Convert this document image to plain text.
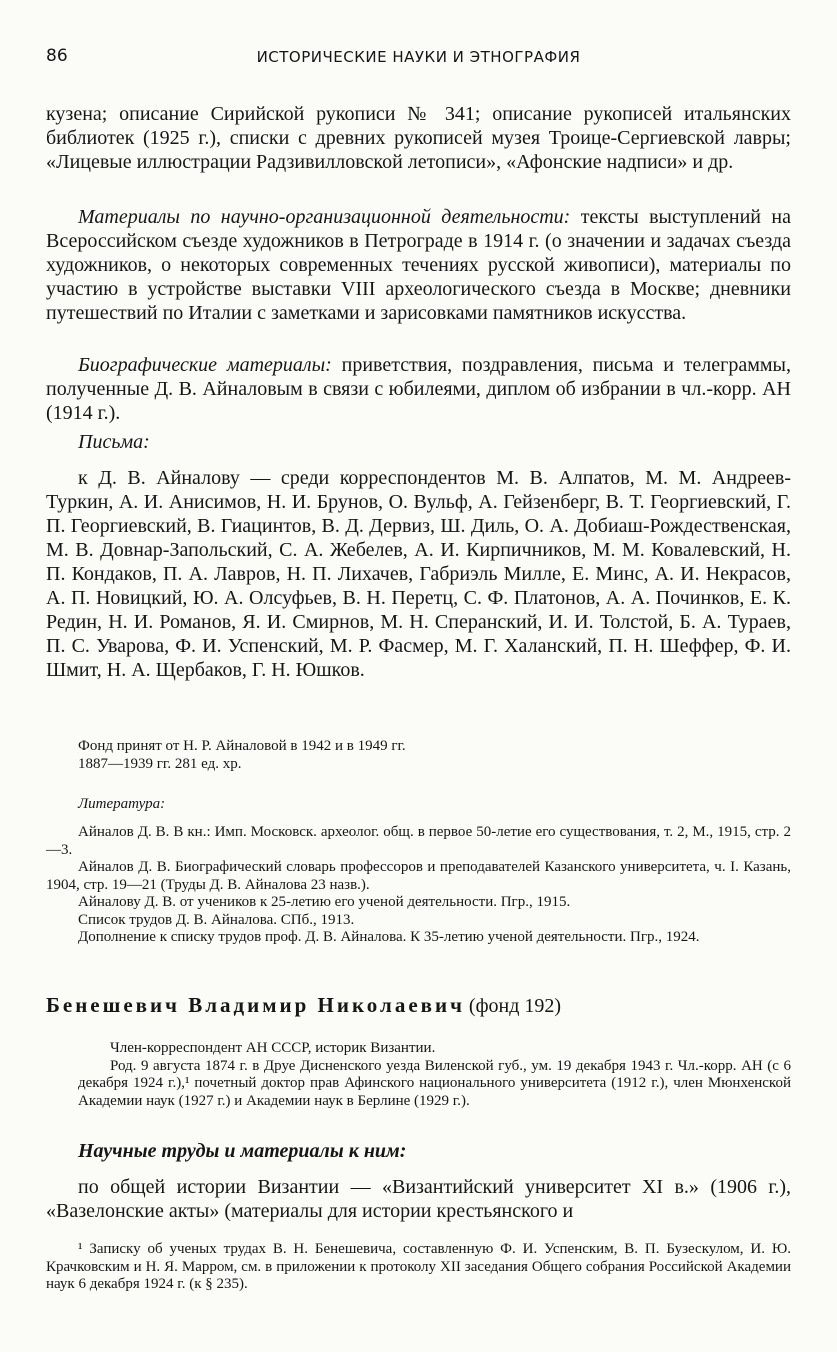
86	ИСТОРИЧЕСКИЕ НАУКИ И ЭТНОГРАФИЯ
кузена; описание Сирийской рукописи № 341; описание рукописей итальянских библиотек (1925 г.), списки с древних рукописей музея Троице-Сергиевской лавры; «Лицевые иллюстрации Радзивилловской летописи», «Афонские надписи» и др.
Материалы по научно-организационной деятельности: тексты выступлений на Всероссийском съезде художников в Петрограде в 1914 г. (о значении и задачах съезда художников, о некоторых современных течениях русской живописи), материалы по участию в устройстве выставки VIII археологического съезда в Москве; дневники путешествий по Италии с заметками и зарисовками памятников искусства.
Биографические материалы: приветствия, поздравления, письма и телеграммы, полученные Д. В. Айналовым в связи с юбилеями, диплом об избрании в чл.-корр. АН (1914 г.).
Письма:
к Д. В. Айналову — среди корреспондентов М. В. Алпатов, М. М. Андреев-Туркин, А. И. Анисимов, Н. И. Брунов, О. Вульф, А. Гейзенберг, В. Т. Георгиевский, Г. П. Георгиевский, В. Гиацинтов, В. Д. Дервиз, Ш. Диль, О. А. Добиаш-Рождественская, М. В. Довнар-Запольский, С. А. Жебелев, А. И. Кирпичников, М. М. Ковалевский, Н. П. Кондаков, П. А. Лавров, Н. П. Лихачев, Габриэль Милле, Е. Минс, А. И. Некрасов, А. П. Новицкий, Ю. А. Олсуфьев, В. Н. Перетц, С. Ф. Платонов, А. А. Починков, Е. К. Редин, Н. И. Романов, Я. И. Смирнов, М. Н. Сперанский, И. И. Толстой, Б. А. Тураев, П. С. Уварова, Ф. И. Успенский, М. Р. Фасмер, М. Г. Халанский, П. Н. Шеффер, Ф. И. Шмит, Н. А. Щербаков, Г. Н. Юшков.
Фонд принят от Н. Р. Айналовой в 1942 и в 1949 гг.
1887—1939 гг. 281 ед. хр.
Литература:
Айналов Д. В. В кн.: Имп. Московск. археолог. общ. в первое 50-летие его существования, т. 2, М., 1915, стр. 2—3.
Айналов Д. В. Биографический словарь профессоров и преподавателей Казанского университета, ч. I. Казань, 1904, стр. 19—21 (Труды Д. В. Айналова 23 назв.).
Айналову Д. В. от учеников к 25-летию его ученой деятельности. Пгр., 1915.
Список трудов Д. В. Айналова. СПб., 1913.
Дополнение к списку трудов проф. Д. В. Айналова. К 35-летию ученой деятельности. Пгр., 1924.
Бенешевич Владимир Николаевич (фонд 192)
Член-корреспондент АН СССР, историк Византии.
Род. 9 августа 1874 г. в Друе Дисненского уезда Виленской губ., ум. 19 декабря 1943 г. Чл.-корр. АН (с 6 декабря 1924 г.),¹ почетный доктор прав Афинского национального университета (1912 г.), член Мюнхенской Академии наук (1927 г.) и Академии наук в Берлине (1929 г.).
Научные труды и материалы к ним:
по общей истории Византии — «Византийский университет XI в.» (1906 г.), «Вазелонские акты» (материалы для истории крестьянского и
¹ Записку об ученых трудах В. Н. Бенешевича, составленную Ф. И. Успенским, В. П. Бузескулом, И. Ю. Крачковским и Н. Я. Марром, см. в приложении к протоколу XII заседания Общего собрания Российской Академии наук 6 декабря 1924 г. (к § 235).
